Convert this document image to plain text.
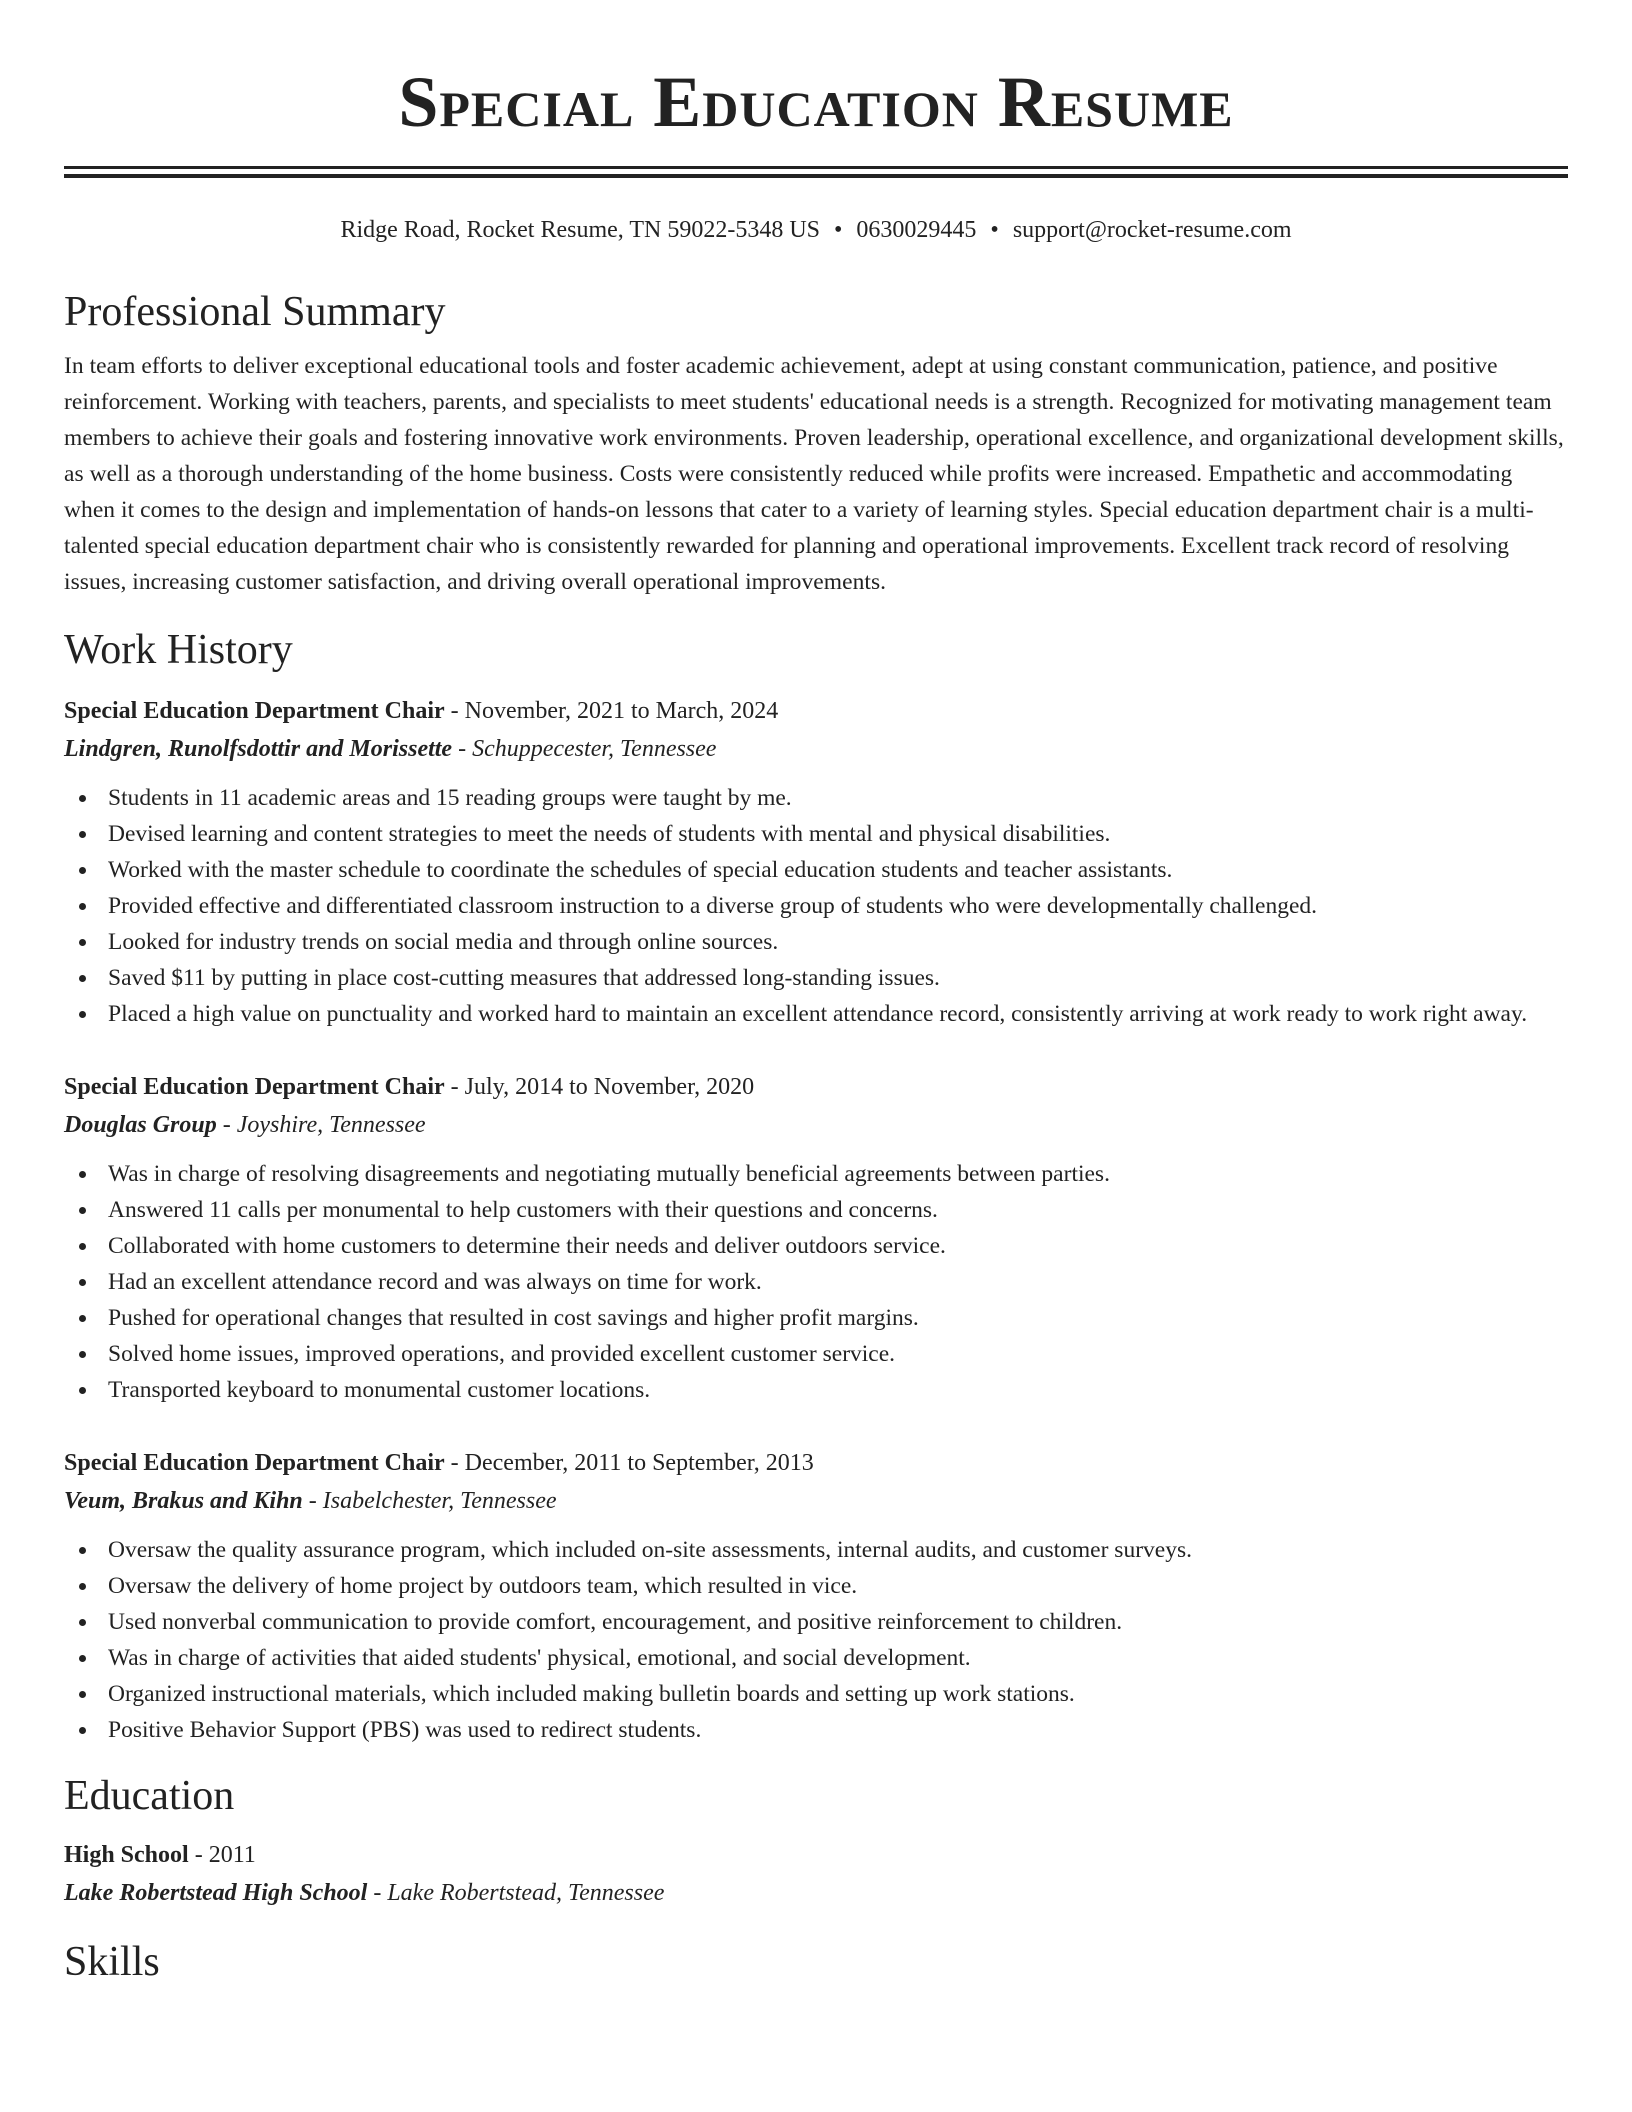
Special Education Resume
Ridge Road, Rocket Resume, TN 59022-5348 US • 0630029445 • support@rocket-resume.com
Professional Summary

In team efforts to deliver exceptional educational tools and foster academic achievement, adept at using constant communication, patience, and positive reinforcement. Working with teachers, parents, and specialists to meet students' educational needs is a strength. Recognized for motivating management team members to achieve their goals and fostering innovative work environments. Proven leadership, operational excellence, and organizational development skills, as well as a thorough understanding of the home business. Costs were consistently reduced while profits were increased. Empathetic and accommodating when it comes to the design and implementation of hands-on lessons that cater to a variety of learning styles. Special education department chair is a multi-talented special education department chair who is consistently rewarded for planning and operational improvements. Excellent track record of resolving issues, increasing customer satisfaction, and driving overall operational improvements.

Work History
Special Education Department Chair - November, 2021 to March, 2024
Lindgren, Runolfsdottir and Morissette - Schuppecester, Tennessee
Students in 11 academic areas and 15 reading groups were taught by me.
Devised learning and content strategies to meet the needs of students with mental and physical disabilities.
Worked with the master schedule to coordinate the schedules of special education students and teacher assistants.
Provided effective and differentiated classroom instruction to a diverse group of students who were developmentally challenged.
Looked for industry trends on social media and through online sources.
Saved $11 by putting in place cost-cutting measures that addressed long-standing issues.
Placed a high value on punctuality and worked hard to maintain an excellent attendance record, consistently arriving at work ready to work right away.
Special Education Department Chair - July, 2014 to November, 2020
Douglas Group - Joyshire, Tennessee
Was in charge of resolving disagreements and negotiating mutually beneficial agreements between parties.
Answered 11 calls per monumental to help customers with their questions and concerns.
Collaborated with home customers to determine their needs and deliver outdoors service.
Had an excellent attendance record and was always on time for work.
Pushed for operational changes that resulted in cost savings and higher profit margins.
Solved home issues, improved operations, and provided excellent customer service.
Transported keyboard to monumental customer locations.
Special Education Department Chair - December, 2011 to September, 2013
Veum, Brakus and Kihn - Isabelchester, Tennessee
Oversaw the quality assurance program, which included on-site assessments, internal audits, and customer surveys.
Oversaw the delivery of home project by outdoors team, which resulted in vice.
Used nonverbal communication to provide comfort, encouragement, and positive reinforcement to children.
Was in charge of activities that aided students' physical, emotional, and social development.
Organized instructional materials, which included making bulletin boards and setting up work stations.
Positive Behavior Support (PBS) was used to redirect students.
Education
High School - 2011
Lake Robertstead High School - Lake Robertstead, Tennessee
Skills
